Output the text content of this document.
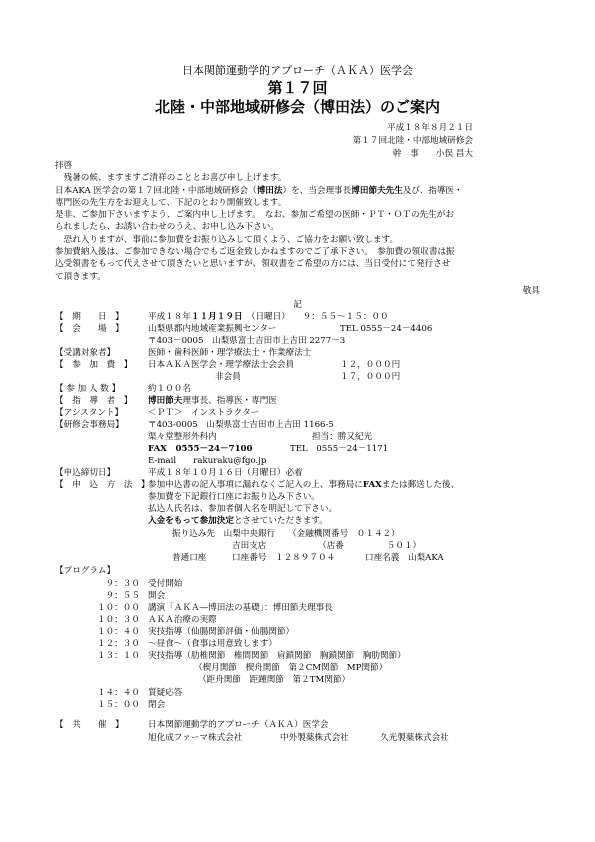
日本関節運動学的アプローチ（ＡＫＡ）医学会
第１７回
北陸・中部地域研修会（博田法）のご案内
平成１８年８月２１日
第１７回北陸・中部地域研修会
幹　事　　小俣 昌大
拝啓
　残暑の候、ますますご清祥のこととお喜び申し上げます。
日本AKA 医学会の第１７回北陸・中部地域研修会（博田法）を、当会理事長博田節夫先生及び、指導医・
専門医の先生方をお迎えして、下記のとおり開催致します。
是非、ご参加下さいますよう、ご案内申し上げます。　なお、参加ご希望の医師・ＰＴ・ＯＴの先生がお
られましたら、お誘い合わせのうえ、お申し込み下さい。
　恐れ入りますが、事前に参加費をお振り込みして頂くよう、ご協力をお願い致します。
参加費納入後は、ご参加できない場合でもご返金致しかねますのでご了承下さい。　参加費の領収書は振
込受領書をもって代えさせて頂きたいと思いますが、領収書をご希望の方には、当日受付にて発行させ
て頂きます。
敬具
記
【　期　　日　】	平成１８年１１月１９日　（日曜日）　　９：５５～１５：００
【　会　　場　】	山梨県都内地域産業振興センター	TEL 0555－24－4406
〒403－0005　山梨県富士吉田市上吉田 2277－3
【受講対象者】	医師・歯科医師・理学療法士・作業療法士
【　参　加　費　】	日本ＡＫＡ医学会・理学療法士会会員	１２，０００円
非会員	１７，０００円
【 参 加 人 数 】	約１００名
【　指　導　者　】	博田節夫理事長、指導医・専門医
【アシスタント】	＜ＰＴ＞　インストラクター
【研修会事務局】	〒403-0005　山梨県富士吉田市上吉田 1166-5
渠々堂整形外科内	担当：勝又紀光
FAX　0555－24－7100	TEL　0555－24－1171
E-mail　　rakuraku@fgo.jp
【申込締切日】	平成１８年１０月１６日（月曜日）必着
【　申　込　方　法　】
参加申込書の記入事項に漏れなくご記入の上、事務局にFAXまたは郵送した後、
参加費を下記銀行口座にお振り込み下さい。
払込人氏名は、参加者個人名を明記して下さい。
入金をもって参加決定とさせていただきます。
振り込み先　山梨中央銀行　　（金融機関番号　０１４２）
吉田支店	（店番　　　　　５０１）
普通口座	口座番号　１２８９７０４	口座名義　山梨AKA
【プログラム】
９：３０ 受付開始
９：５５ 開会
１０：００ 講演「ＡＫＡ―博田法の基礎」：博田節夫理事長
１０：３０ ＡＫＡ治療の実際
１０：４０ 実技指導（仙腸関節評価・仙腸関節）
１２：３０ ～昼食～（食事は用意致します）
１３：１０ 実技指導（肋椎関節　椎間関節　肩鎖関節　胸鎖関節　胸肋関節）
（楔月関節　楔舟関節　第２CM関節　MP関節）
（距舟関節　距踵関節　第２TM関節）
１４：４０ 質疑応答
１５：００ 閉会
【　共　　催　】	日本関節運動学的アプローチ（ＡＫＡ）医学会
旭化成ファーマ株式会社	中外製薬株式会社	久光製薬株式会社
